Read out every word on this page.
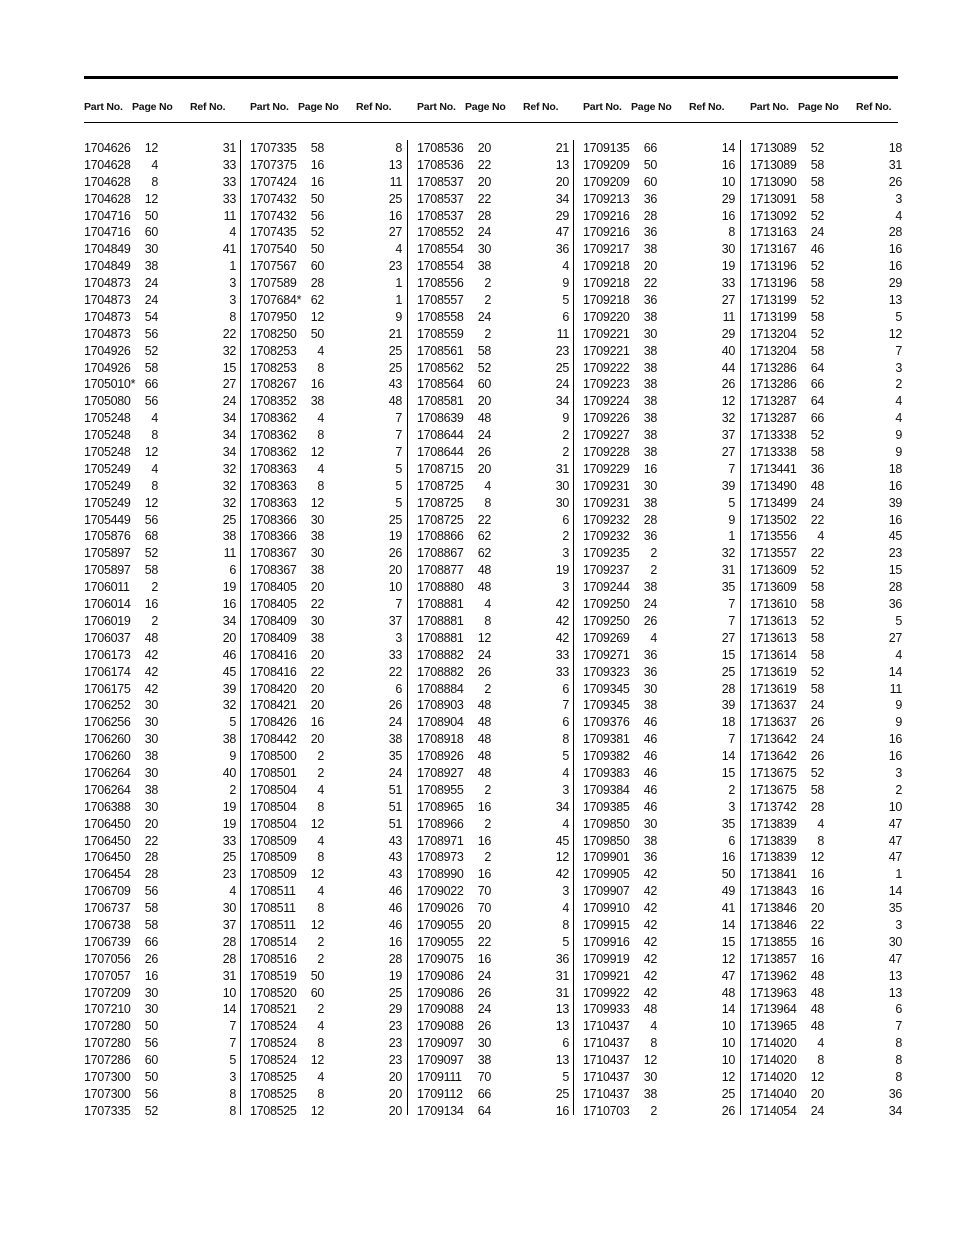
Part No. Page No Ref No.
1704626	12	31
1704628	4	33
1704628	8	33
1704628	12	33
1704716	50	11
1704716	60	4
1704849	30	41
1704849	38	1
1704873	24	3
1704873	24	3
1704873	54	8
1704873	56	22
1704926	52	32
1704926	58	15
1705010* 66	27
1705080	56	24
1705248	4	34
1705248	8	34
1705248	12	34
1705249	4	32
1705249	8	32
1705249	12	32
1705449	56	25
1705876	68	38
1705897	52	11
1705897	58	6
1706011	2	19
1706014	16	16
1706019	2	34
1706037	48	20
1706173	42	46
1706174	42	45
1706175	42	39
1706252	30	32
1706256	30	5
1706260	30	38
1706260	38	9
1706264	30	40
1706264	38	2
1706388	30	19
1706450	20	19
1706450	22	33
1706450	28	25
1706454	28	23
1706709	56	4
1706737	58	30
1706738	58	37
1706739	66	28
1707056	26	28
1707057	16	31
1707209	30	10
1707210	30	14
1707280	50	7
1707280	56	7
1707286	60	5
1707300	50	3
1707300	56	8
1707335	52	8
Part No. Page No Ref No.
1707335	58	8
1707375	16	13
1707424	16	11
1707432	50	25
1707432	56	16
1707435	52	27
1707540	50	4
1707567	60	23
1707589	28	1
1707684* 62	1
1707950	12	9
1708250	50	21
1708253	4	25
1708253	8	25
1708267	16	43
1708352	38	48
1708362	4	7
1708362	8	7
1708362	12	7
1708363	4	5
1708363	8	5
1708363	12	5
1708366	30	25
1708366	38	19
1708367	30	26
1708367	38	20
1708405	20	10
1708405	22	7
1708409	30	37
1708409	38	3
1708416	20	33
1708416	22	22
1708420	20	6
1708421	20	26
1708426	16	24
1708442	20	38
1708500	2	35
1708501	2	24
1708504	4	51
1708504	8	51
1708504	12	51
1708509	4	43
1708509	8	43
1708509	12	43
1708511	4	46
1708511	8	46
1708511	12	46
1708514	2	16
1708516	2	28
1708519	50	19
1708520	60	25
1708521	2	29
1708524	4	23
1708524	8	23
1708524	12	23
1708525	4	20
1708525	8	20
1708525	12	20
Part No. Page No Ref No.
1708536	20	21
1708536	22	13
1708537	20	20
1708537	22	34
1708537	28	29
1708552	24	47
1708554	30	36
1708554	38	4
1708556	2	9
1708557	2	5
1708558	24	6
1708559	2	11
1708561	58	23
1708562	52	25
1708564	60	24
1708581	20	34
1708639	48	9
1708644	24	2
1708644	26	2
1708715	20	31
1708725	4	30
1708725	8	30
1708725	22	6
1708866	62	2
1708867	62	3
1708877	48	19
1708880	48	3
1708881	4	42
1708881	8	42
1708881	12	42
1708882	24	33
1708882	26	33
1708884	2	6
1708903	48	7
1708904	48	6
1708918	48	8
1708926	48	5
1708927	48	4
1708955	2	3
1708965	16	34
1708966	2	4
1708971	16	45
1708973	2	12
1708990	16	42
1709022	70	3
1709026	70	4
1709055	20	8
1709055	22	5
1709075	16	36
1709086	24	31
1709086	26	31
1709088	24	13
1709088	26	13
1709097	30	6
1709097	38	13
1709111	70	5
1709112	66	25
1709134	64	16
Part No. Page No Ref No.
1709135	66	14
1709209	50	16
1709209	60	10
1709213	36	29
1709216	28	16
1709216	36	8
1709217	38	30
1709218	20	19
1709218	22	33
1709218	36	27
1709220	38	11
1709221	30	29
1709221	38	40
1709222	38	44
1709223	38	26
1709224	38	12
1709226	38	32
1709227	38	37
1709228	38	27
1709229	16	7
1709231	30	39
1709231	38	5
1709232	28	9
1709232	36	1
1709235	2	32
1709237	2	31
1709244	38	35
1709250	24	7
1709250	26	7
1709269	4	27
1709271	36	15
1709323	36	25
1709345	30	28
1709345	38	39
1709376	46	18
1709381	46	7
1709382	46	14
1709383	46	15
1709384	46	2
1709385	46	3
1709850	30	35
1709850	38	6
1709901	36	16
1709905	42	50
1709907	42	49
1709910	42	41
1709915	42	14
1709916	42	15
1709919	42	12
1709921	42	47
1709922	42	48
1709933	48	14
1710437	4	10
1710437	8	10
1710437	12	10
1710437	30	12
1710437	38	25
1710703	2	26
Part No. Page No Ref No.
1713089	52	18
1713089	58	31
1713090	58	26
1713091	58	3
1713092	52	4
1713163	24	28
1713167	46	16
1713196	52	16
1713196	58	29
1713199	52	13
1713199	58	5
1713204	52	12
1713204	58	7
1713286	64	3
1713286	66	2
1713287	64	4
1713287	66	4
1713338	52	9
1713338	58	9
1713441	36	18
1713490	48	16
1713499	24	39
1713502	22	16
1713556	4	45
1713557	22	23
1713609	52	15
1713609	58	28
1713610	58	36
1713613	52	5
1713613	58	27
1713614	58	4
1713619	52	14
1713619	58	11
1713637	24	9
1713637	26	9
1713642	24	16
1713642	26	16
1713675	52	3
1713675	58	2
1713742	28	10
1713839	4	47
1713839	8	47
1713839	12	47
1713841	16	1
1713843	16	14
1713846	20	35
1713846	22	3
1713855	16	30
1713857	16	47
1713962	48	13
1713963	48	13
1713964	48	6
1713965	48	7
1714020	4	8
1714020	8	8
1714020	12	8
1714040	20	36
1714054	24	34
